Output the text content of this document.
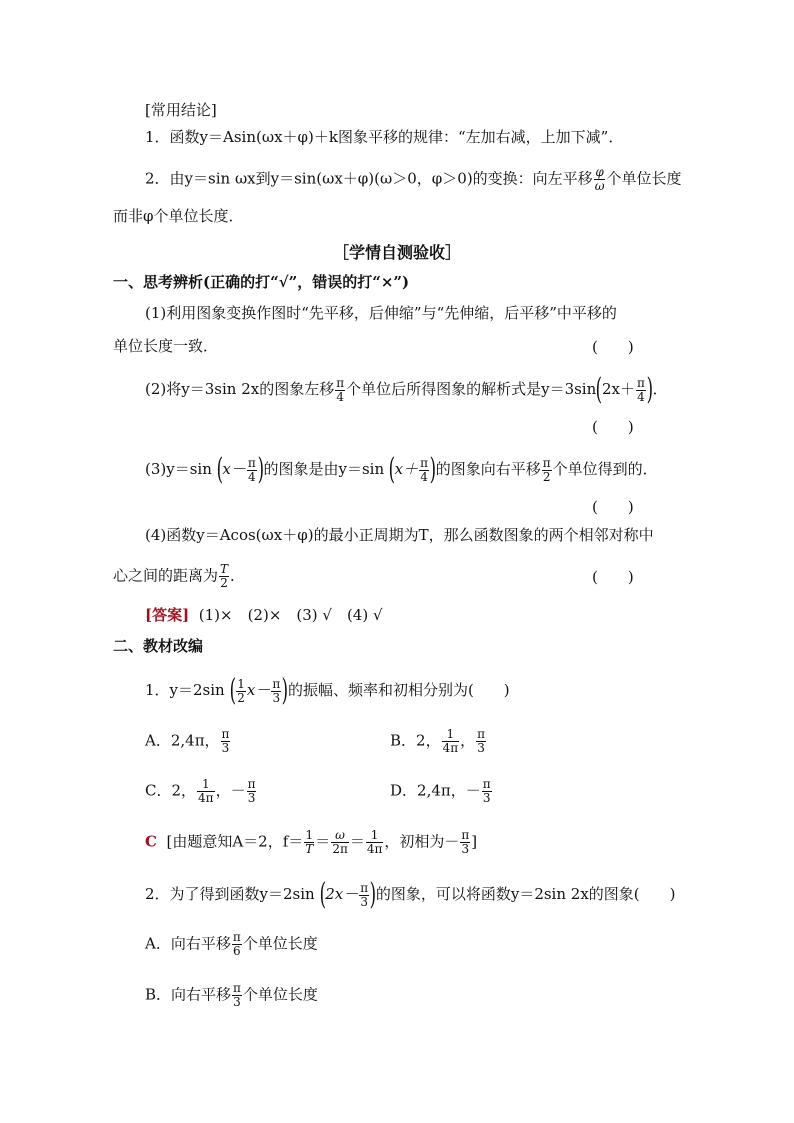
[常用结论]
1．函数y＝Asin(ωx＋φ)＋k图象平移的规律：“左加右减，上加下减”．
2．由y＝sin ωx到y＝sin(ωx＋φ)(ω＞0，φ＞0)的变换：向左平移 $\frac{\varphi}{\omega}$ 个单位长度
而非φ个单位长度．
［学情自测验收］
一、思考辨析(正确的打“√”，错误的打“×”)
(1)利用图象变换作图时“先平移，后伸缩”与“先伸缩，后平移”中平移的
单位长度一致．	(　　)
(2)将y＝3sin 2x的图象左移 $\frac{\pi}{4}$ 个单位后所得图象的解析式是$y=3\sin(2x+ \frac{\pi}{4}$ )．
(　　)
(3)y＝sin ($x- \frac{\pi}{4}$ )的图象是由y＝sin ($x+ \frac{\pi}{4}$ )的图象向右平移 $\frac{\pi}{2}$ 个单位得到的．
(　　)
(4)函数y＝Acos(ωx＋φ)的最小正周期为T，那么函数图象的两个相邻对称中
心之间的距离为 $\frac{T}{2}$ ．	(　　)
[答案] (1)×　(2)×　(3) √　(4) √
二、教材改编
1．y＝2sin ( $\frac{1}{2} x- \frac{\pi}{3}$ )的振幅、频率和初相分别为(　　)
A．2,4π， $\frac{\pi}{3}$	B．2， $\frac{1}{4\pi}$ ， $\frac{\pi}{3}$
C．2， $\frac{1}{4\pi}$ ，－ $\frac{\pi}{3}$	D．2,4π，－ $\frac{\pi}{3}$
C [由题意知A＝2，$f= \frac{1}{T} = \frac{\omega}{2\pi} = \frac{1}{4\pi}$ ，初相为－ $\frac{\pi}{3}$ ]
2．为了得到函数y＝2sin ($2x- \frac{\pi}{3}$ )的图象，可以将函数y＝2sin 2x的图象(　　)
A．向右平移 $\frac{\pi}{6}$ 个单位长度
B．向右平移 $\frac{\pi}{3}$ 个单位长度
